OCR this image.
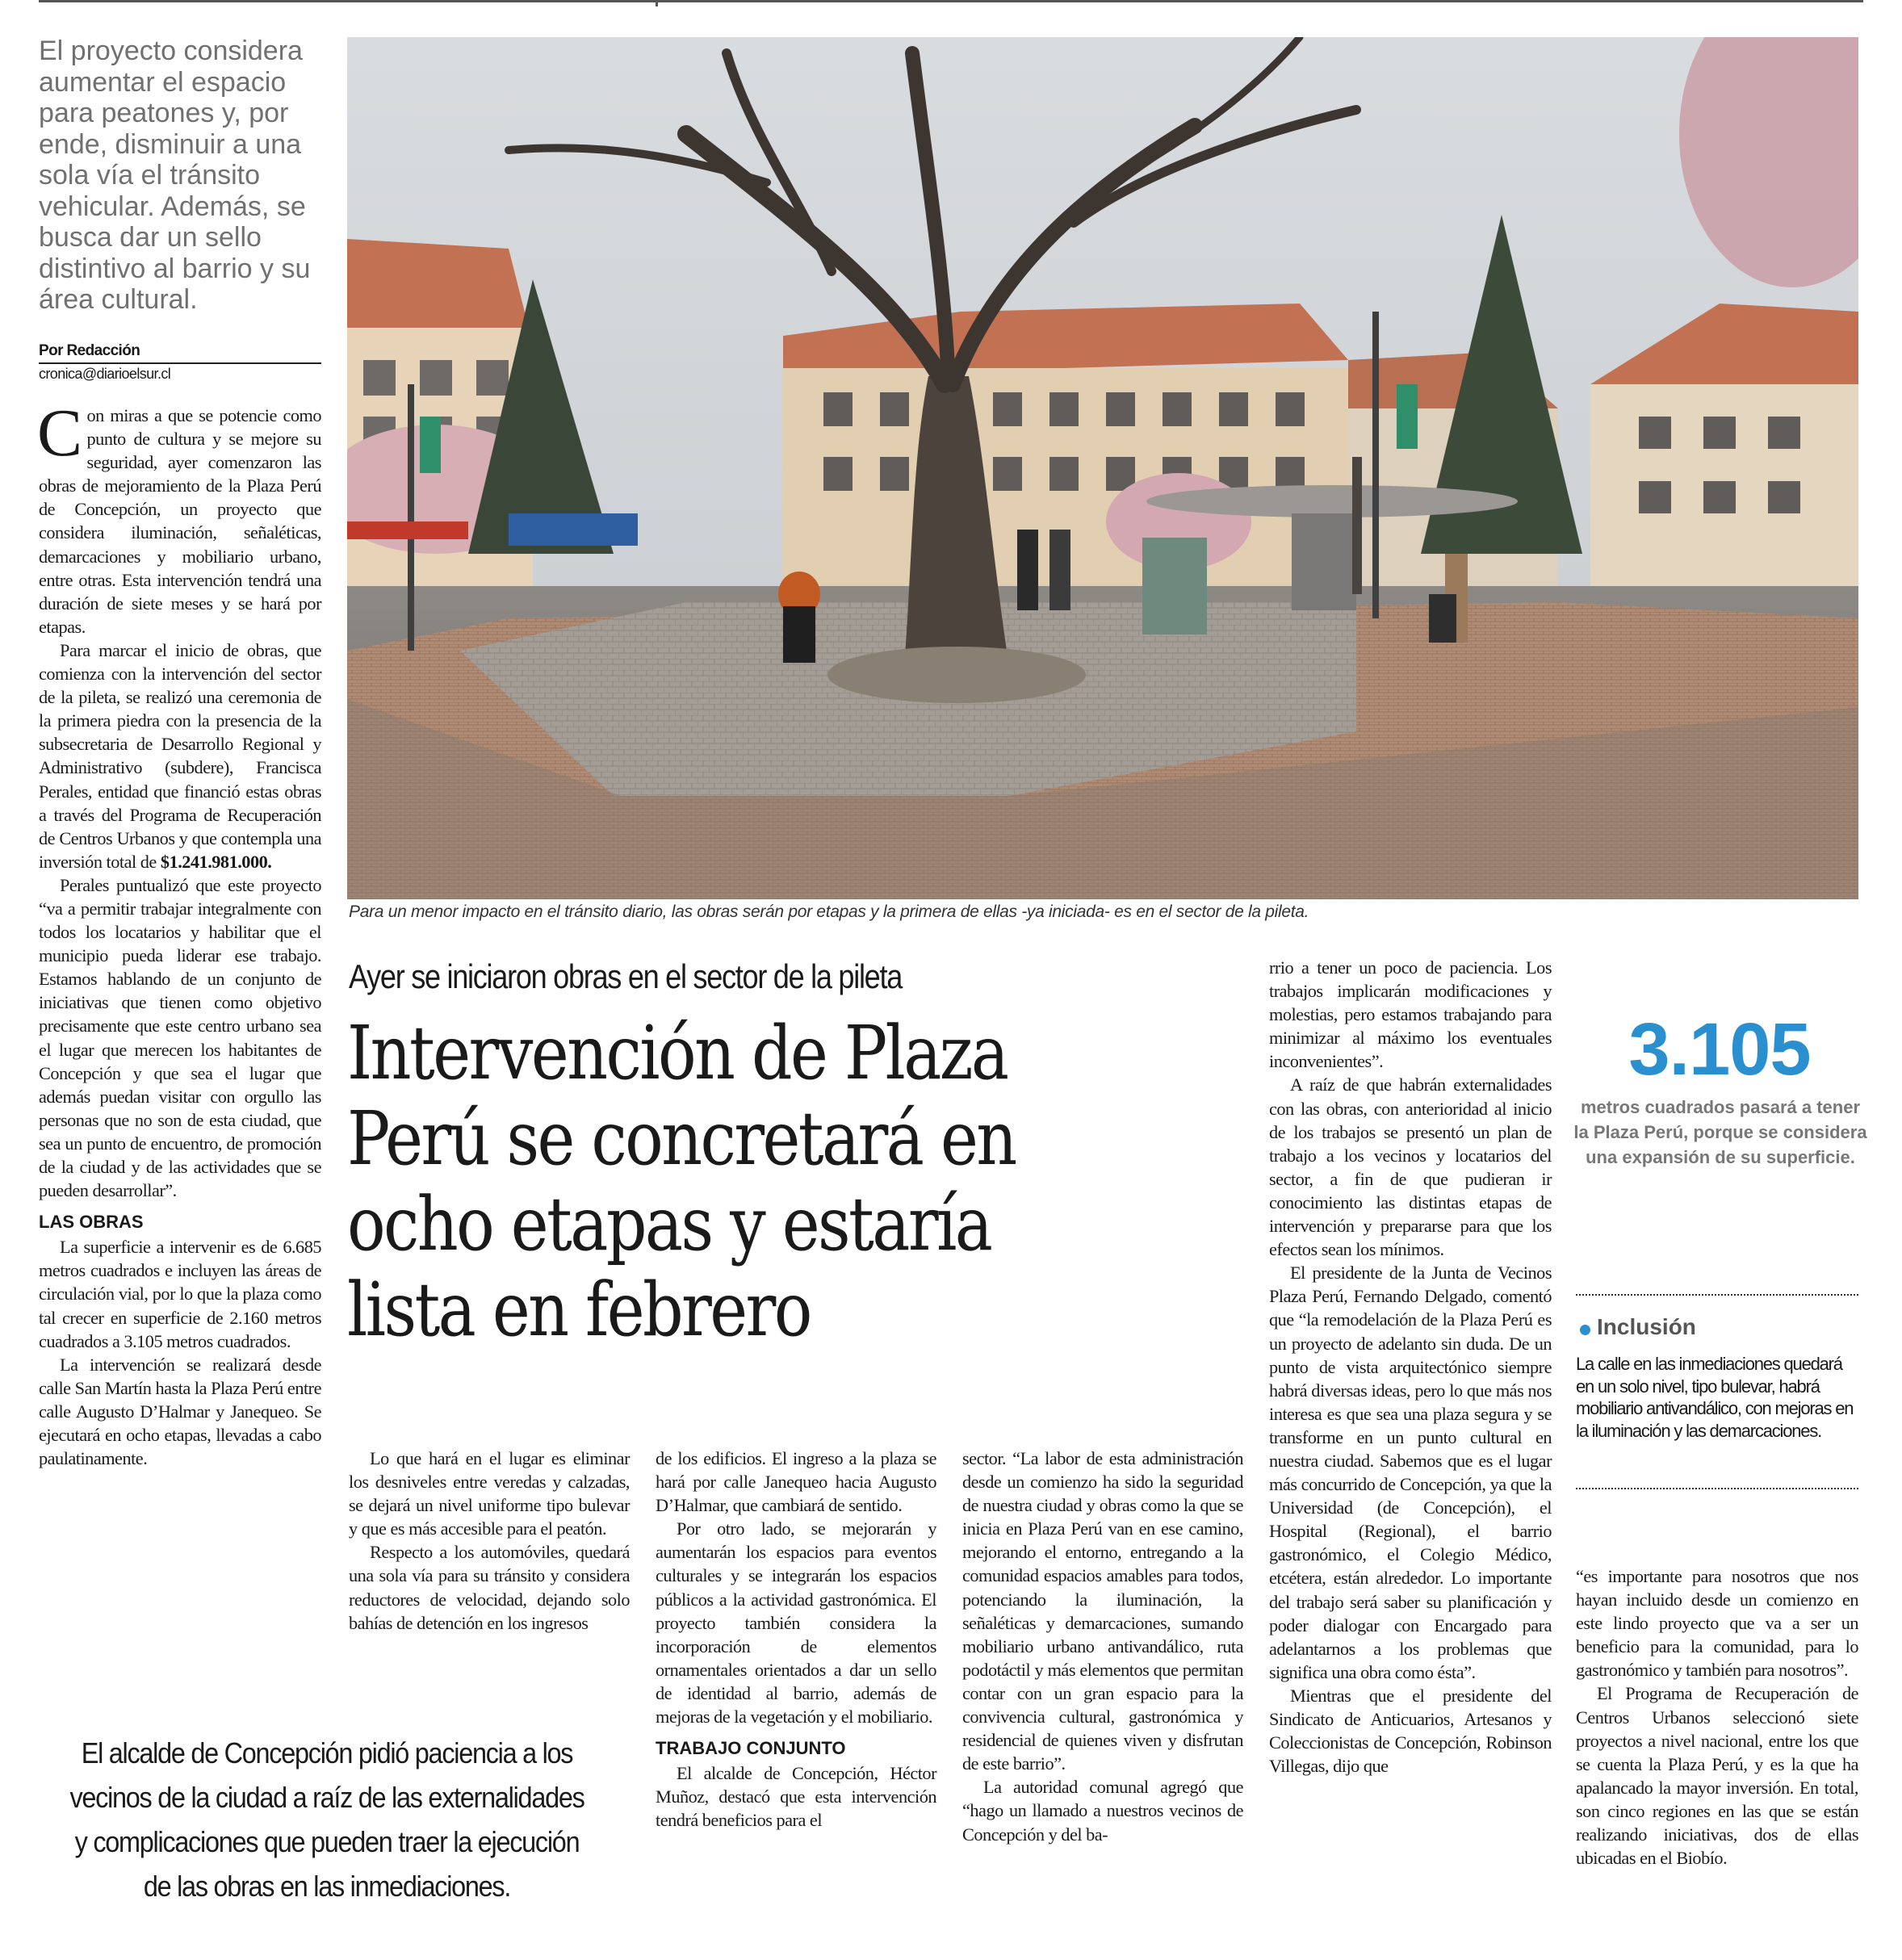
El proyecto considera aumentar el espacio para peatones y, por ende, disminuir a una sola vía el tránsito vehicular. Además, se busca dar un sello distintivo al barrio y su área cultural.
Por Redacción
cronica@diarioelsur.cl

Con miras a que se potencie como punto de cultura y se mejore su seguridad, ayer comenzaron las obras de mejoramiento de la Plaza Perú de Concepción, un proyecto que considera iluminación, señaléticas, demarcaciones y mobiliario urbano, entre otras. Esta intervención tendrá una duración de siete meses y se hará por etapas.

Para marcar el inicio de obras, que comienza con la intervención del sector de la pileta, se realizó una ceremonia de la primera piedra con la presencia de la subsecretaria de Desarrollo Regional y Administrativo (subdere), Francisca Perales, entidad que financió estas obras a través del Programa de Recuperación de Centros Urbanos y que contempla una inversión total de $1.241.981.000.

Perales puntualizó que este proyecto “va a permitir trabajar integralmente con todos los locatarios y habilitar que el municipio pueda liderar ese trabajo. Estamos hablando de un conjunto de iniciativas que tienen como objetivo precisamente que este centro urbano sea el lugar que merecen los habitantes de Concepción y que sea el lugar que además puedan visitar con orgullo las personas que no son de esta ciudad, que sea un punto de encuentro, de promoción de la ciudad y de las actividades que se pueden desarrollar”.

LAS OBRAS

La superficie a intervenir es de 6.685 metros cuadrados e incluyen las áreas de circulación vial, por lo que la plaza como tal crecer en superficie de 2.160 metros cuadrados a 3.105 metros cuadrados.

La intervención se realizará desde calle San Martín hasta la Plaza Perú entre calle Augusto D’Halmar y Janequeo. Se ejecutará en ocho etapas, llevadas a cabo paulatinamente.

Para un menor impacto en el tránsito diario, las obras serán por etapas y la primera de ellas -ya iniciada- es en el sector de la pileta.
Ayer se iniciaron obras en el sector de la pileta
Intervención de Plaza Perú se concretará en ocho etapas y estaría lista en febrero

Lo que hará en el lugar es eliminar los desniveles entre veredas y calzadas, se dejará un nivel uniforme tipo bulevar y que es más accesible para el peatón.

Respecto a los automóviles, quedará una sola vía para su tránsito y considera reductores de velocidad, dejando solo bahías de detención en los ingresos

de los edificios. El ingreso a la plaza se hará por calle Janequeo hacia Augusto D’Halmar, que cambiará de sentido.

Por otro lado, se mejorarán y aumentarán los espacios para eventos culturales y se integrarán los espacios públicos a la actividad gastronómica. El proyecto también considera la incorporación de elementos ornamentales orientados a dar un sello de identidad al barrio, además de mejoras de la vegetación y el mobiliario.

TRABAJO CONJUNTO

El alcalde de Concepción, Héctor Muñoz, destacó que esta intervención tendrá beneficios para el

sector. “La labor de esta administración desde un comienzo ha sido la seguridad de nuestra ciudad y obras como la que se inicia en Plaza Perú van en ese camino, mejorando el entorno, entregando a la comunidad espacios amables para todos, potenciando la iluminación, la señaléticas y demarcaciones, sumando mobiliario urbano antivandálico, ruta podotáctil y más elementos que permitan contar con un gran espacio para la convivencia cultural, gastronómica y residencial de quienes viven y disfrutan de este barrio”.

La autoridad comunal agregó que “hago un llamado a nuestros vecinos de Concepción y del ba-

rrio a tener un poco de paciencia. Los trabajos implicarán modificaciones y molestias, pero estamos trabajando para minimizar al máximo los eventuales inconvenientes”.

A raíz de que habrán externalidades con las obras, con anterioridad al inicio de los trabajos se presentó un plan de trabajo a los vecinos y locatarios del sector, a fin de que pudieran ir conocimiento las distintas etapas de intervención y prepararse para que los efectos sean los mínimos.

El presidente de la Junta de Vecinos Plaza Perú, Fernando Delgado, comentó que “la remodelación de la Plaza Perú es un proyecto de adelanto sin duda. De un punto de vista arquitectónico siempre habrá diversas ideas, pero lo que más nos interesa es que sea una plaza segura y se transforme en un punto cultural en nuestra ciudad. Sabemos que es el lugar más concurrido de Concepción, ya que la Universidad (de Concepción), el Hospital (Regional), el barrio gastronómico, el Colegio Médico, etcétera, están alrededor. Lo importante del trabajo será saber su planificación y poder dialogar con Encargado para adelantarnos a los problemas que significa una obra como ésta”.

Mientras que el presidente del Sindicato de Anticuarios, Artesanos y Coleccionistas de Concepción, Robinson Villegas, dijo que

3.105
metros cuadrados pasará a tener la Plaza Perú, porque se considera una expansión de su superficie.
Inclusión
La calle en las inmediaciones quedará en un solo nivel, tipo bulevar, habrá mobiliario antivandálico, con mejoras en la iluminación y las demarcaciones.

“es importante para nosotros que nos hayan incluido desde un comienzo en este lindo proyecto que va a ser un beneficio para la comunidad, para lo gastronómico y también para nosotros”.

El Programa de Recuperación de Centros Urbanos seleccionó siete proyectos a nivel nacional, entre los que se cuenta la Plaza Perú, y es la que ha apalancado la mayor inversión. En total, son cinco regiones en las que se están realizando iniciativas, dos de ellas ubicadas en el Biobío.

El alcalde de Concepción pidió paciencia a los vecinos de la ciudad a raíz de las externalidades y complicaciones que pueden traer la ejecución de las obras en las inmediaciones.
